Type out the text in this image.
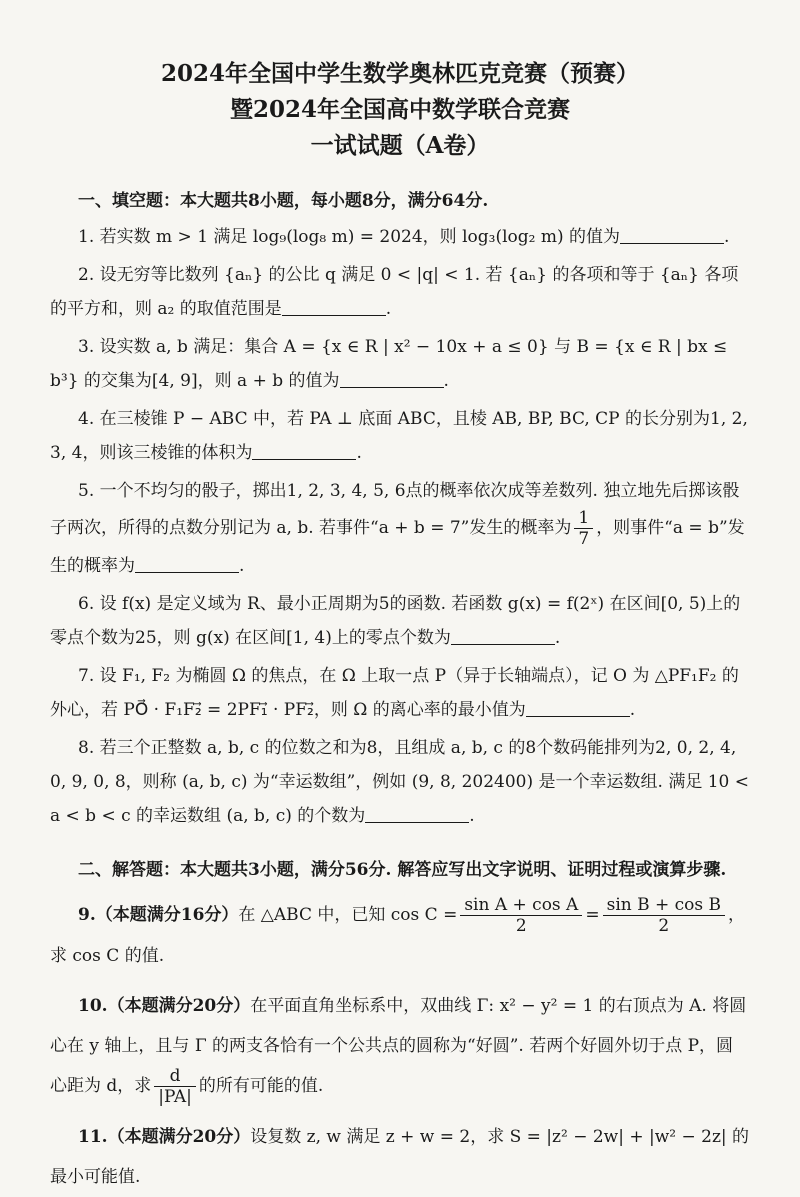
2024年全国中学生数学奥林匹克竞赛（预赛）
暨2024年全国高中数学联合竞赛
一试试题（A卷）
一、填空题：本大题共8小题，每小题8分，满分64分.
1. 若实数 m > 1 满足 log₉(log₈ m) = 2024，则 log₃(log₂ m) 的值为	.
2. 设无穷等比数列 {aₙ} 的公比 q 满足 0 < |q| < 1. 若 {aₙ} 的各项和等于 {aₙ} 各项的平方和，则 a₂ 的取值范围是	.
3. 设实数 a, b 满足：集合 A = {x ∈ R | x² − 10x + a ≤ 0} 与 B = {x ∈ R | bx ≤ b³} 的交集为[4, 9]，则 a + b 的值为	.
4. 在三棱锥 P − ABC 中，若 PA ⊥ 底面 ABC，且棱 AB, BP, BC, CP 的长分别为1, 2, 3, 4，则该三棱锥的体积为	.
5. 一个不均匀的骰子，掷出1, 2, 3, 4, 5, 6点的概率依次成等差数列. 独立地先后掷该骰子两次，所得的点数分别记为 a, b. 若事件“a + b = 7”发生的概率为 $\frac{1}{7}$ ，则事件“a = b”发生的概率为	.
6. 设 f(x) 是定义域为 R、最小正周期为5的函数. 若函数 g(x) = f(2ˣ) 在区间[0, 5)上的零点个数为25，则 g(x) 在区间[1, 4)上的零点个数为	.
7. 设 F₁, F₂ 为椭圆 Ω 的焦点，在 Ω 上取一点 P（异于长轴端点），记 O 为 △PF₁F₂ 的外心，若 PO⃗ · F₁F₂⃗ = 2PF₁⃗ · PF₂⃗，则 Ω 的离心率的最小值为	.
8. 若三个正整数 a, b, c 的位数之和为8，且组成 a, b, c 的8个数码能排列为2, 0, 2, 4, 0, 9, 0, 8，则称 (a, b, c) 为“幸运数组”，例如 (9, 8, 202400) 是一个幸运数组. 满足 10 < a < b < c 的幸运数组 (a, b, c) 的个数为	.
二、解答题：本大题共3小题，满分56分. 解答应写出文字说明、证明过程或演算步骤.
9.（本题满分16分）在 △ABC 中，已知 $\cos C = \frac{\text{sin A + cos A}}{2} = \frac{\text{sin B + cos B}}{2}$ ，求 cos C 的值.
10.（本题满分20分）在平面直角坐标系中，双曲线 Γ: x² − y² = 1 的右顶点为 A. 将圆心在 y 轴上，且与 Γ 的两支各恰有一个公共点的圆称为“好圆”. 若两个好圆外切于点 P，圆心距为 d，求 $\frac{d}{|PA|}$ 的所有可能的值.
11.（本题满分20分）设复数 z, w 满足 z + w = 2，求 S = |z² − 2w| + |w² − 2z| 的最小可能值.
